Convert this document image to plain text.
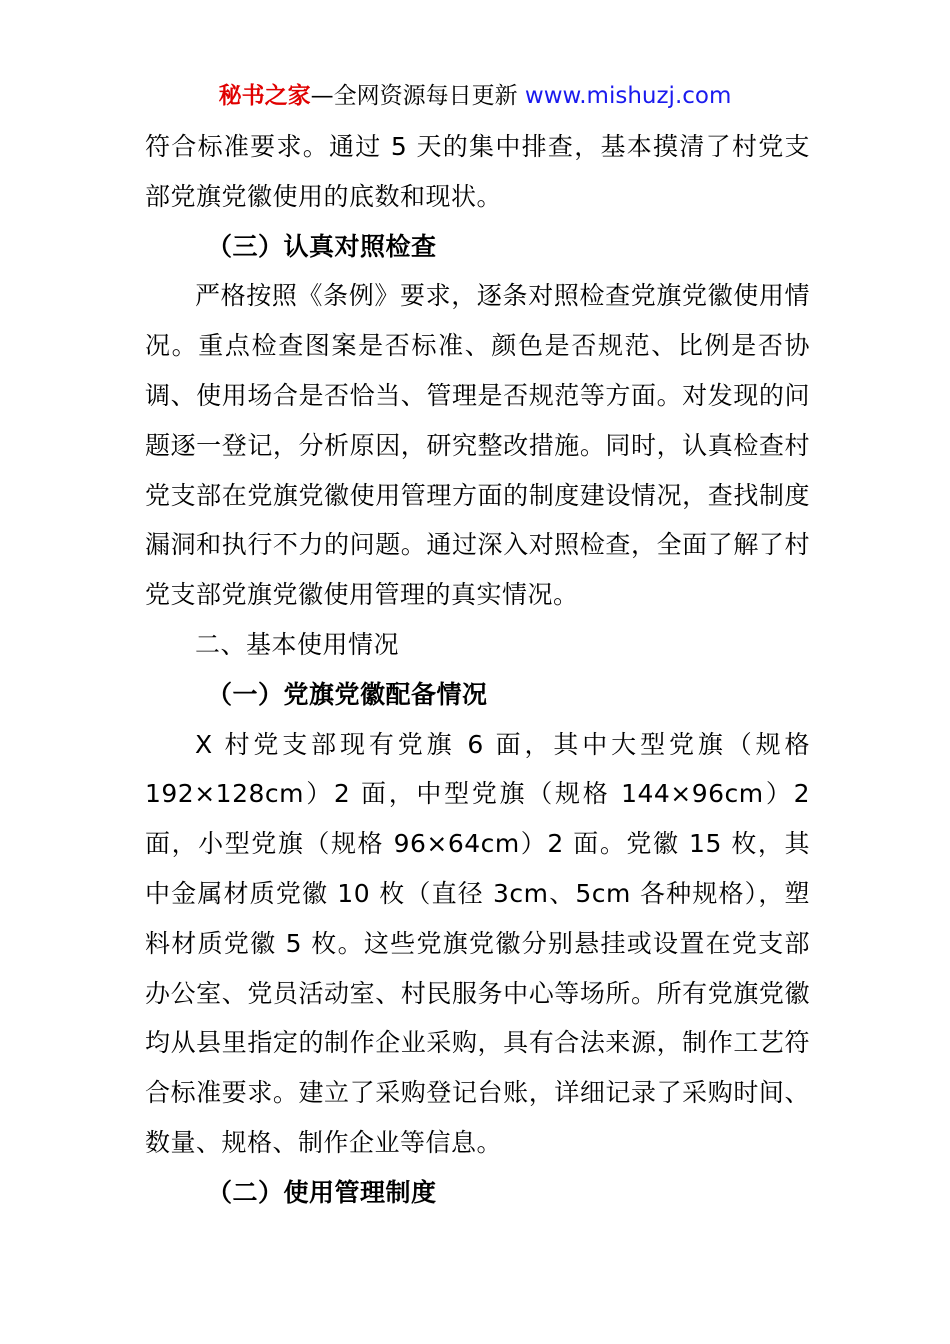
秘书之家—全网资源每日更新 www.mishuzj.com

符合标准要求。通过 5 天的集中排查，基本摸清了村党支部党旗党徽使用的底数和现状。

（三）认真对照检查

严格按照《条例》要求，逐条对照检查党旗党徽使用情况。重点检查图案是否标准、颜色是否规范、比例是否协调、使用场合是否恰当、管理是否规范等方面。对发现的问题逐一登记，分析原因，研究整改措施。同时，认真检查村党支部在党旗党徽使用管理方面的制度建设情况，查找制度漏洞和执行不力的问题。通过深入对照检查，全面了解了村党支部党旗党徽使用管理的真实情况。

二、基本使用情况

（一）党旗党徽配备情况

X 村党支部现有党旗 6 面，其中大型党旗（规格 192×128cm）2 面，中型党旗（规格 144×96cm）2 面，小型党旗（规格 96×64cm）2 面。党徽 15 枚，其中金属材质党徽 10 枚（直径 3cm、5cm 各种规格），塑料材质党徽 5 枚。这些党旗党徽分别悬挂或设置在党支部办公室、党员活动室、村民服务中心等场所。所有党旗党徽均从县里指定的制作企业采购，具有合法来源，制作工艺符合标准要求。建立了采购登记台账，详细记录了采购时间、数量、规格、制作企业等信息。

（二）使用管理制度
